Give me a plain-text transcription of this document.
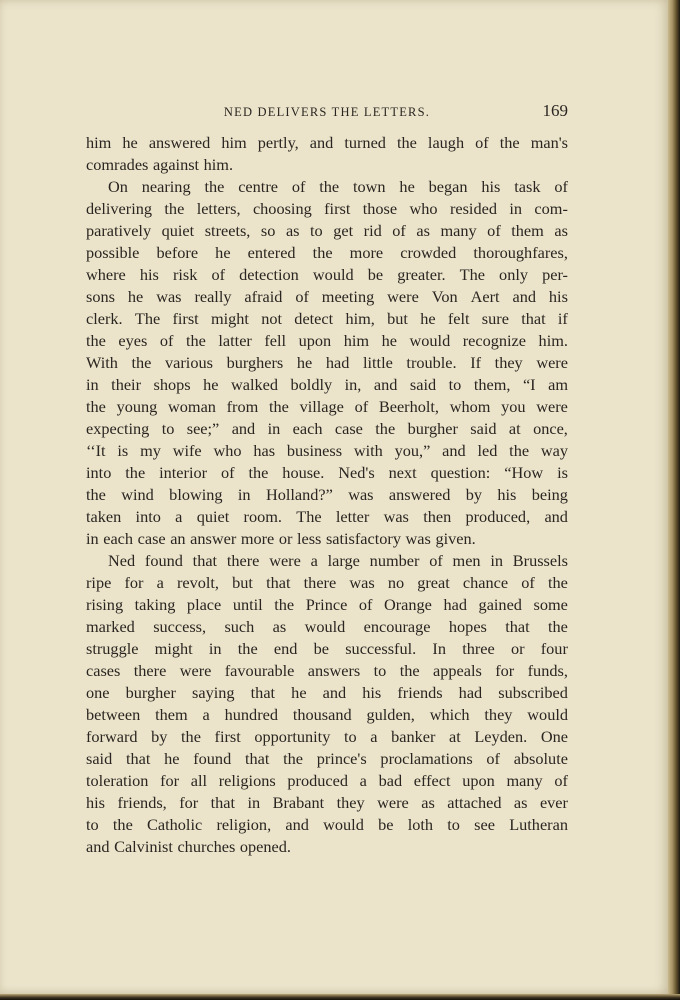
NED DELIVERS THE LETTERS.	169
him he answered him pertly, and turned the laugh of the man's
comrades against him.
On nearing the centre of the town he began his task of
delivering the letters, choosing first those who resided in com-
paratively quiet streets, so as to get rid of as many of them as
possible before he entered the more crowded thoroughfares,
where his risk of detection would be greater. The only per-
sons he was really afraid of meeting were Von Aert and his
clerk. The first might not detect him, but he felt sure that if
the eyes of the latter fell upon him he would recognize him.
With the various burghers he had little trouble. If they were
in their shops he walked boldly in, and said to them, “I am
the young woman from the village of Beerholt, whom you were
expecting to see;” and in each case the burgher said at once,
‘‘It is my wife who has business with you,” and led the way
into the interior of the house. Ned's next question: “How is
the wind blowing in Holland?” was answered by his being
taken into a quiet room. The letter was then produced, and
in each case an answer more or less satisfactory was given.
Ned found that there were a large number of men in Brussels
ripe for a revolt, but that there was no great chance of the
rising taking place until the Prince of Orange had gained some
marked success, such as would encourage hopes that the
struggle might in the end be successful. In three or four
cases there were favourable answers to the appeals for funds,
one burgher saying that he and his friends had subscribed
between them a hundred thousand gulden, which they would
forward by the first opportunity to a banker at Leyden. One
said that he found that the prince's proclamations of absolute
toleration for all religions produced a bad effect upon many of
his friends, for that in Brabant they were as attached as ever
to the Catholic religion, and would be loth to see Lutheran
and Calvinist churches opened.
